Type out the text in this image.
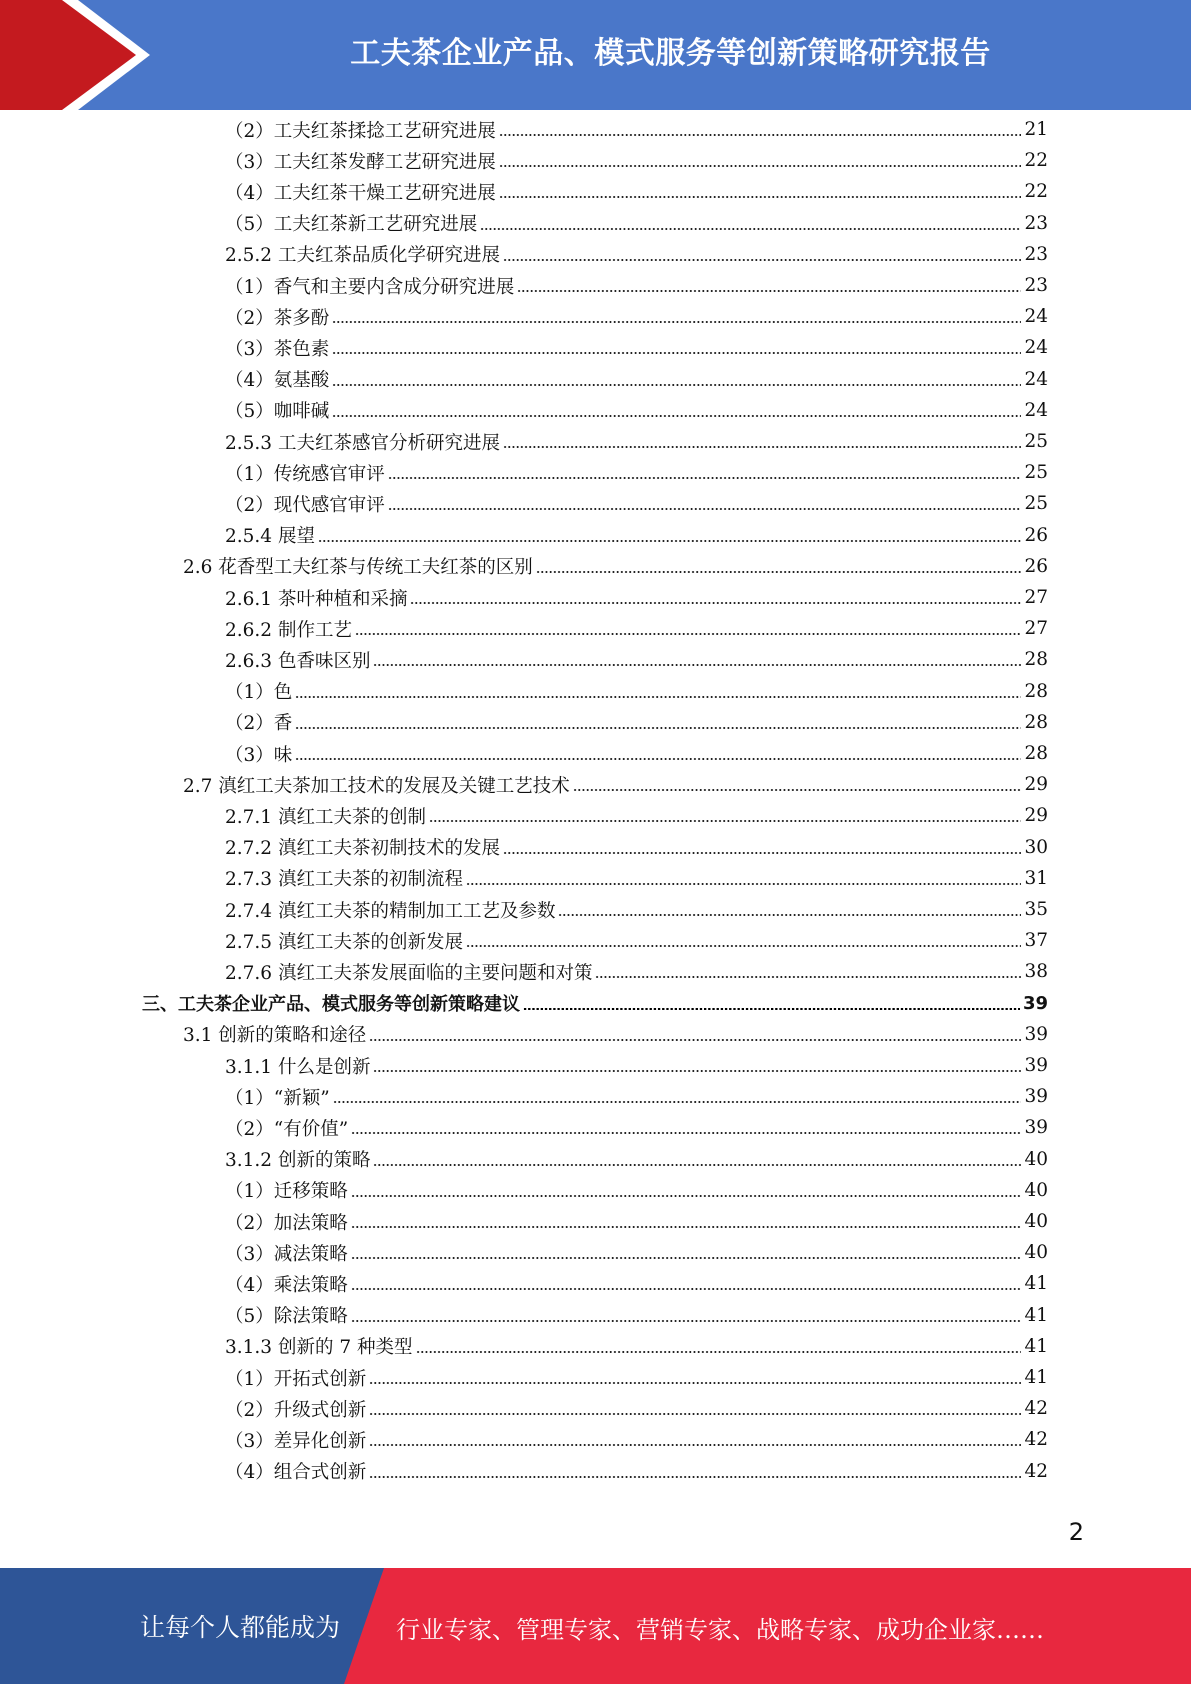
工夫茶企业产品、模式服务等创新策略研究报告
（2）工夫红茶揉捻工艺研究进展	21
（3）工夫红茶发酵工艺研究进展	22
（4）工夫红茶干燥工艺研究进展	22
（5）工夫红茶新工艺研究进展	23
2.5.2 工夫红茶品质化学研究进展	23
（1）香气和主要内含成分研究进展	23
（2）茶多酚	24
（3）茶色素	24
（4）氨基酸	24
（5）咖啡碱	24
2.5.3 工夫红茶感官分析研究进展	25
（1）传统感官审评	25
（2）现代感官审评	25
2.5.4 展望	26
2.6 花香型工夫红茶与传统工夫红茶的区别	26
2.6.1 茶叶种植和采摘	27
2.6.2 制作工艺	27
2.6.3 色香味区别	28
（1）色	28
（2）香	28
（3）味	28
2.7 滇红工夫茶加工技术的发展及关键工艺技术	29
2.7.1 滇红工夫茶的创制	29
2.7.2 滇红工夫茶初制技术的发展	30
2.7.3 滇红工夫茶的初制流程	31
2.7.4 滇红工夫茶的精制加工工艺及参数	35
2.7.5 滇红工夫茶的创新发展	37
2.7.6 滇红工夫茶发展面临的主要问题和对策	38
三、工夫茶企业产品、模式服务等创新策略建议	39
3.1 创新的策略和途径	39
3.1.1 什么是创新	39
（1）“新颖”	39
（2）“有价值”	39
3.1.2 创新的策略	40
（1）迁移策略	40
（2）加法策略	40
（3）减法策略	40
（4）乘法策略	41
（5）除法策略	41
3.1.3 创新的 7 种类型	41
（1）开拓式创新	41
（2）升级式创新	42
（3）差异化创新	42
（4）组合式创新	42
2
让每个人都能成为 行业专家、管理专家、营销专家、战略专家、成功企业家……
